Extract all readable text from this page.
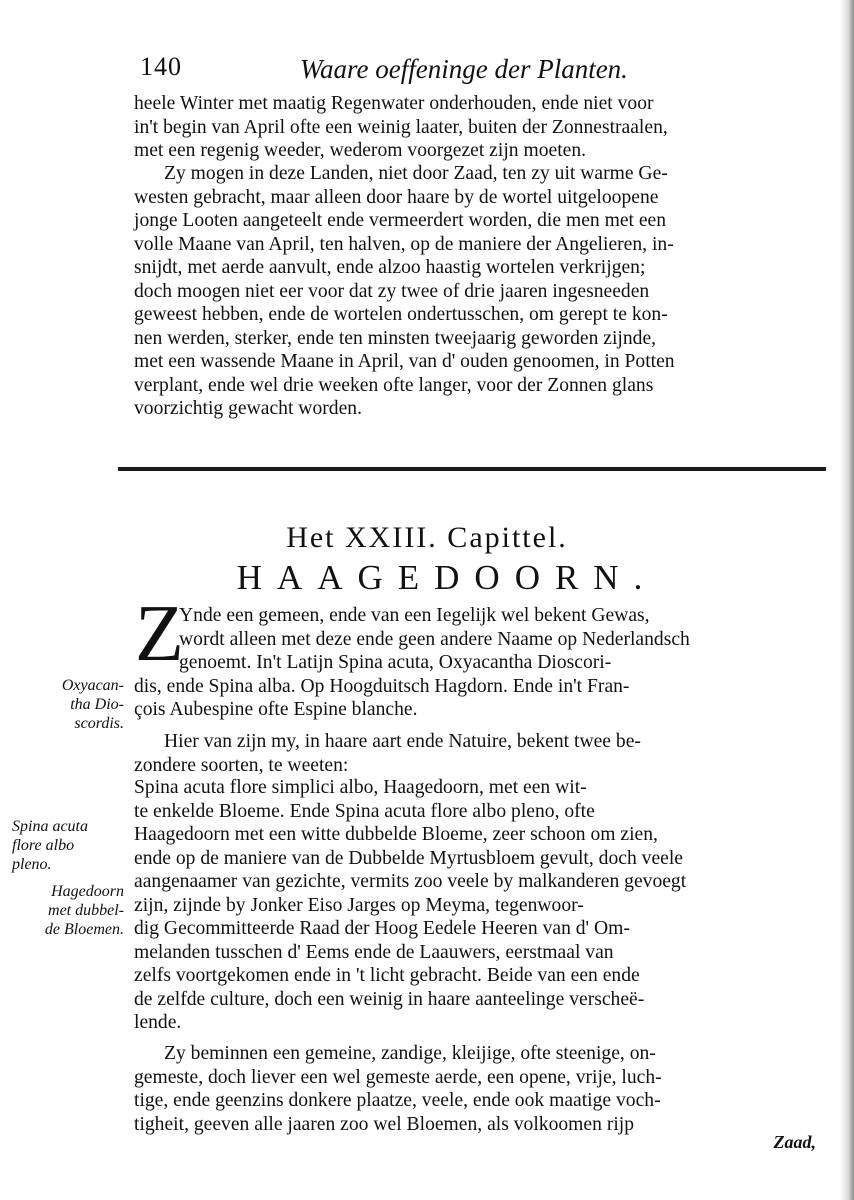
140	Waare oeffeninge der Planten.
heele Winter met maatig Regenwater onderhouden, ende niet voor
in't begin van April ofte een weinig laater, buiten der Zonnestraalen,
met een regenig weeder, wederom voorgezet zijn moeten.
Zy mogen in deze Landen, niet door Zaad, ten zy uit warme Ge-
westen gebracht, maar alleen door haare by de wortel uitgeloopene
jonge Looten aangeteelt ende vermeerdert worden, die men met een
volle Maane van April, ten halven, op de maniere der Angelieren, in-
snijdt, met aerde aanvult, ende alzoo haastig wortelen verkrijgen;
doch moogen niet eer voor dat zy twee of drie jaaren ingesneeden
geweest hebben, ende de wortelen ondertusschen, om gerept te kon-
nen werden, sterker, ende ten minsten tweejaarig geworden zijnde,
met een wassende Maane in April, van d' ouden genoomen, in Potten
verplant, ende wel drie weeken ofte langer, voor der Zonnen glans
voorzichtig gewacht worden.
Het XXIII. Capittel.
HAAGEDOORN.
Z
Ynde een gemeen, ende van een Iegelijk wel bekent Gewas,
wordt alleen met deze ende geen andere Naame op Nederlandsch
genoemt. In't Latijn Spina acuta, Oxyacantha Dioscori-
dis, ende Spina alba. Op Hoogduitsch Hagdorn. Ende in't Fran-
çois Aubespine ofte Espine blanche.
Hier van zijn my, in haare aart ende Natuire, bekent twee be-
zondere soorten, te weeten:
Spina acuta flore simplici albo, Haagedoorn, met een wit-
te enkelde Bloeme. Ende Spina acuta flore albo pleno, ofte
Haagedoorn met een witte dubbelde Bloeme, zeer schoon om zien,
ende op de maniere van de Dubbelde Myrtusbloem gevult, doch veele
aangenaamer van gezichte, vermits zoo veele by malkanderen gevoegt
zijn, zijnde by Jonker Eiso Jarges op Meyma, tegenwoor-
dig Gecommitteerde Raad der Hoog Eedele Heeren van d' Om-
melanden tusschen d' Eems ende de Laauwers, eerstmaal van
zelfs voortgekomen ende in 't licht gebracht. Beide van een ende
de zelfde culture, doch een weinig in haare aanteelinge verscheë-
lende.
Zy beminnen een gemeine, zandige, kleijige, ofte steenige, on-
gemeste, doch liever een wel gemeste aerde, een opene, vrije, luch-
tige, ende geenzins donkere plaatze, veele, ende ook maatige voch-
tigheit, geeven alle jaaren zoo wel Bloemen, als volkoomen rijp
Zaad,
Oxyacan-
tha Dio-
scordis.
Spina acuta
flore albo
pleno.
Hagedoorn
met dubbel-
de Bloemen.
